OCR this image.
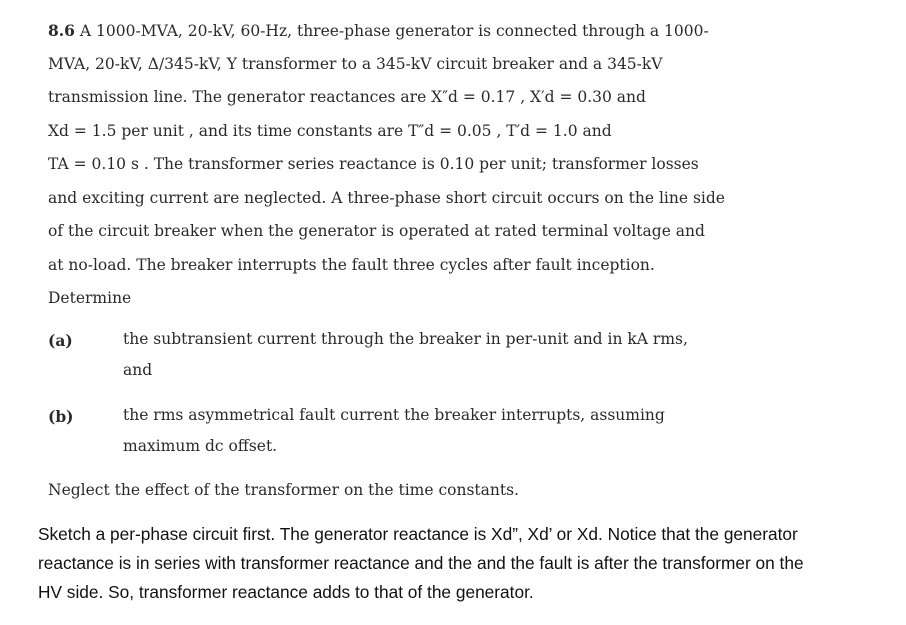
8.6 A 1000-MVA, 20-kV, 60-Hz, three-phase generator is connected through a 1000-
MVA, 20-kV, Δ/345-kV, Y transformer to a 345-kV circuit breaker and a 345-kV
transmission line. The generator reactances are X″d = 0.17 , X′d = 0.30 and
Xd = 1.5 per unit , and its time constants are T″d = 0.05 , T′d = 1.0 and
TA = 0.10 s . The transformer series reactance is 0.10 per unit; transformer losses
and exciting current are neglected. A three-phase short circuit occurs on the line side
of the circuit breaker when the generator is operated at rated terminal voltage and
at no-load. The breaker interrupts the fault three cycles after fault inception.
Determine
(a)	the subtransient current through the breaker in per-unit and in kA rms,
and
(b)	the rms asymmetrical fault current the breaker interrupts, assuming
maximum dc offset.
Neglect the effect of the transformer on the time constants.
Sketch a per-phase circuit first. The generator reactance is Xd”, Xd’ or Xd. Notice that the generator
reactance is in series with transformer reactance and the and the fault is after the transformer on the
HV side. So, transformer reactance adds to that of the generator.
